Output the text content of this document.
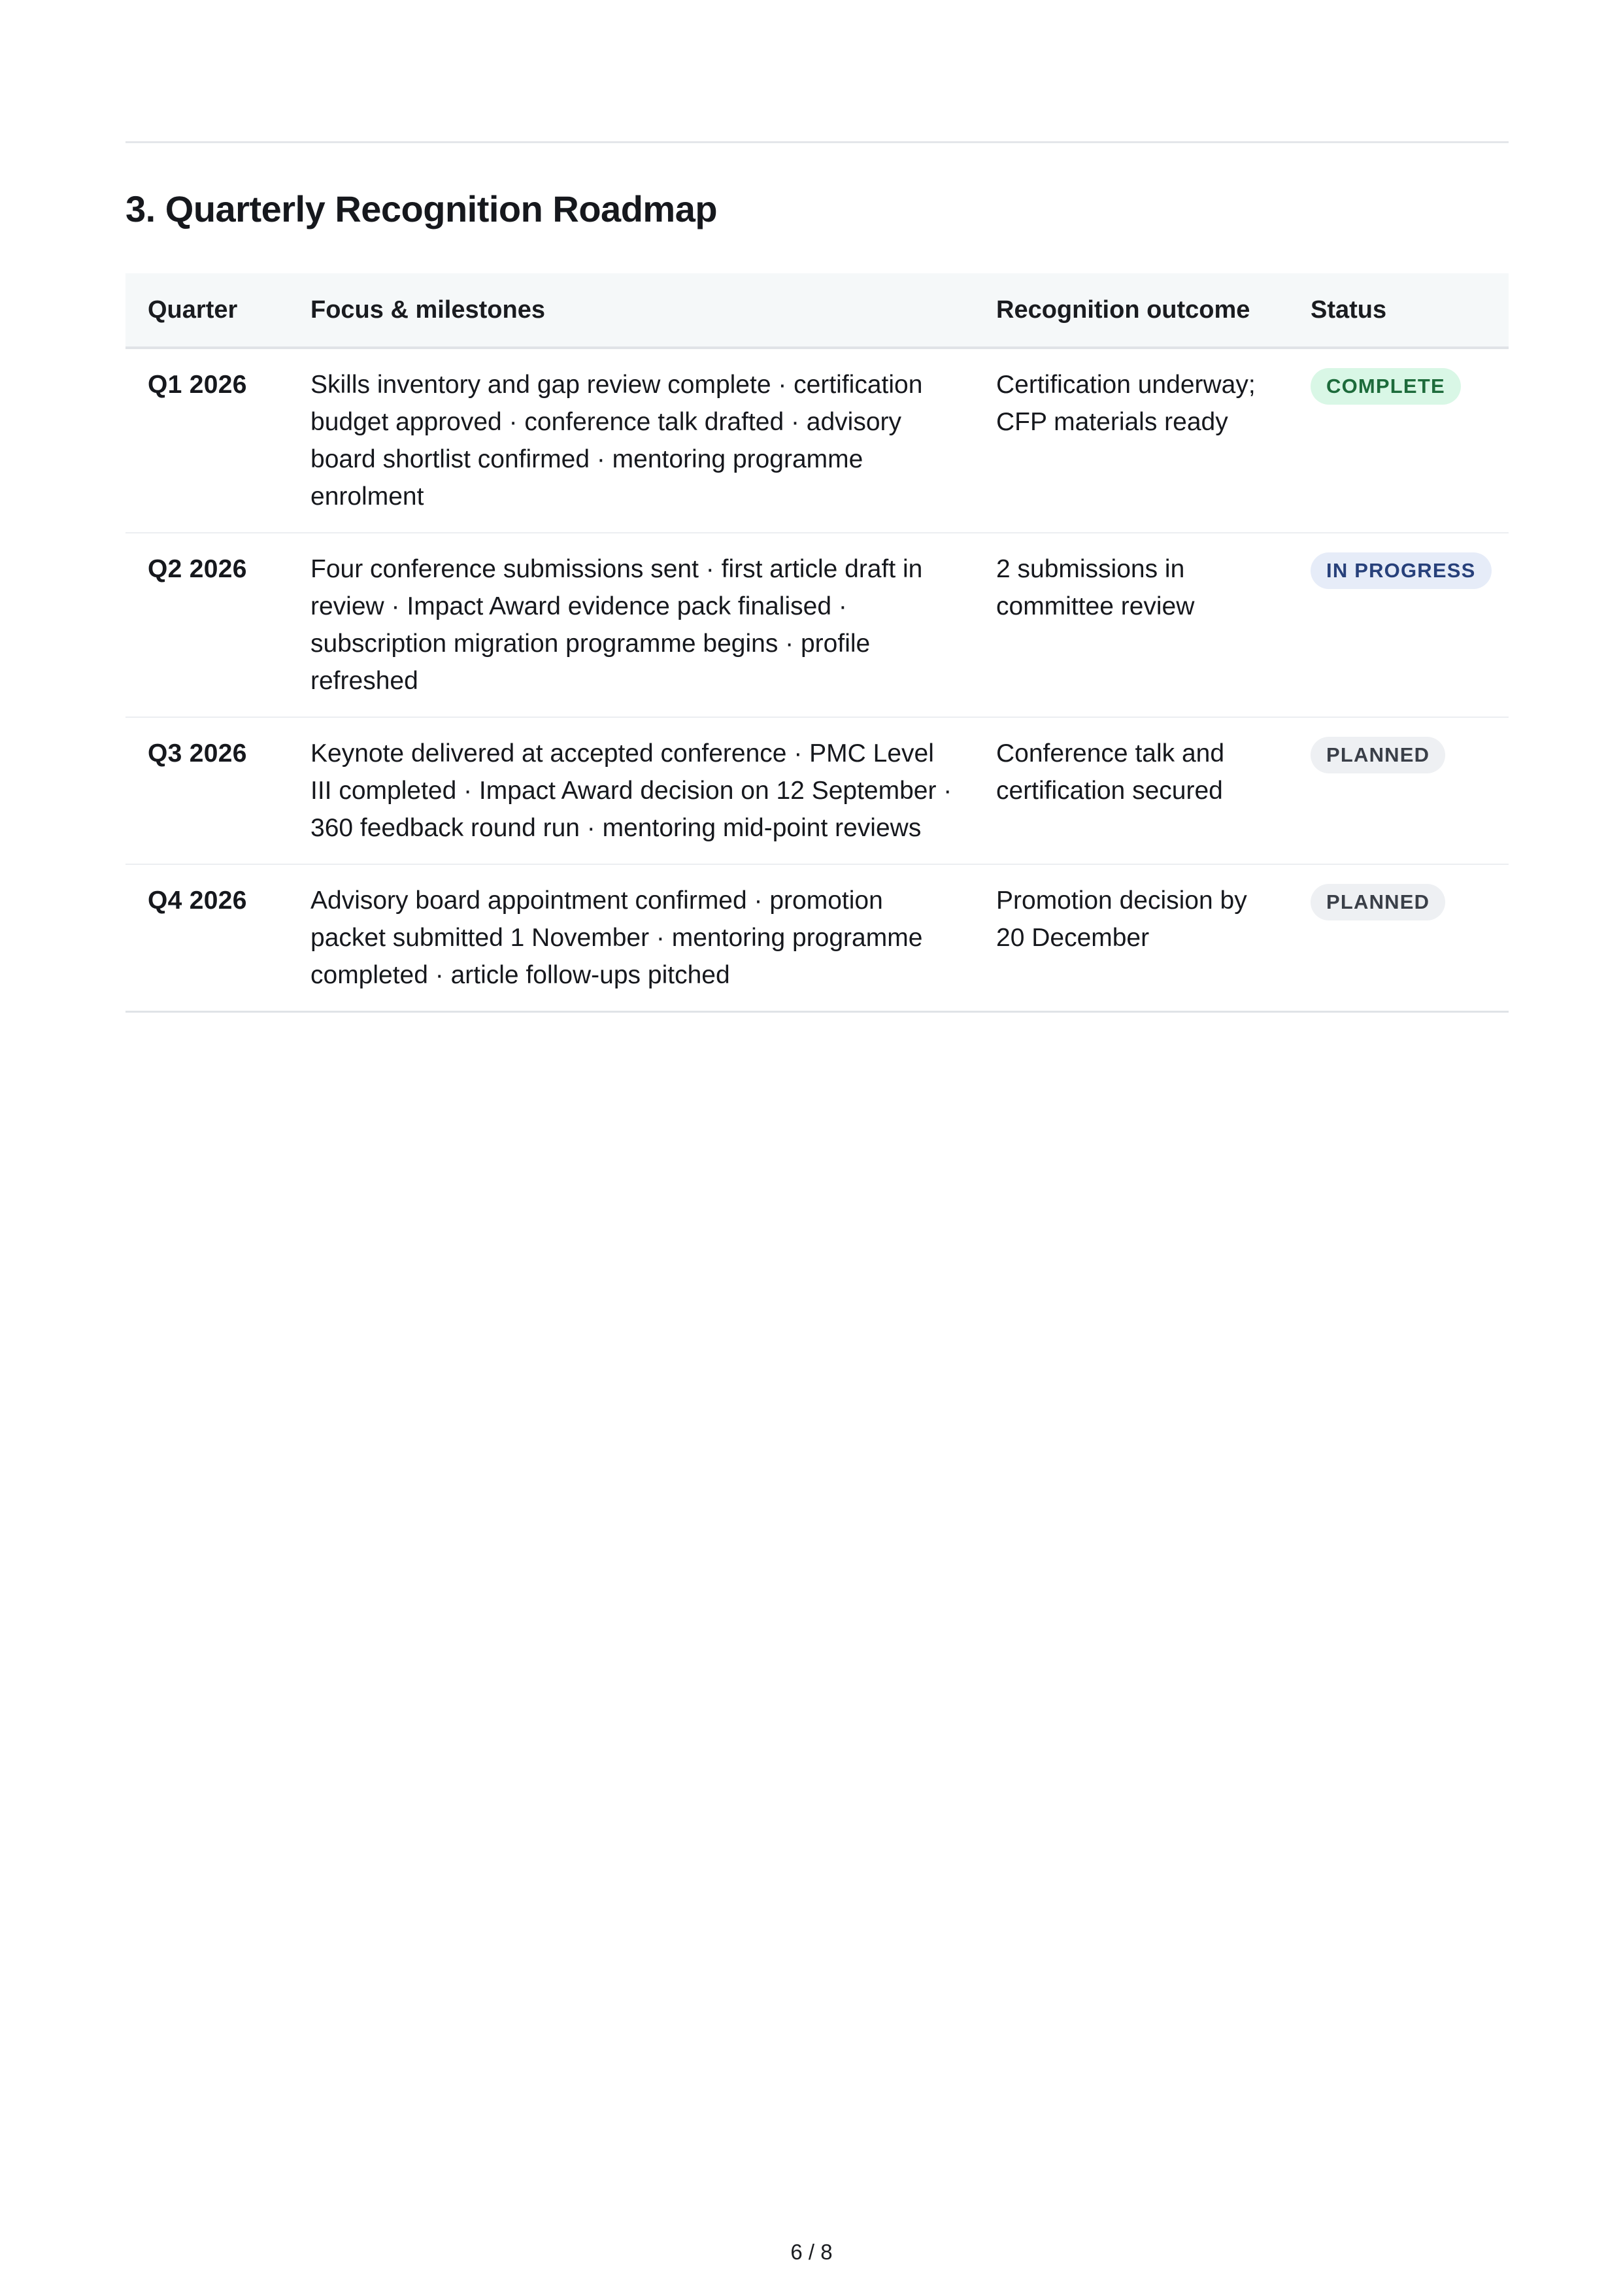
3. Quarterly Recognition Roadmap
Quarter	Focus & milestones	Recognition outcome	Status
Q1 2026	Skills inventory and gap review complete · certification budget approved · conference talk drafted · advisory board shortlist confirmed · mentoring programme enrolment	Certification underway; CFP materials ready	COMPLETE
Q2 2026	Four conference submissions sent · first article draft in review · Impact Award evidence pack finalised · subscription migration programme begins · profile refreshed	2 submissions in committee review	IN PROGRESS
Q3 2026	Keynote delivered at accepted conference · PMC Level III completed · Impact Award decision on 12 September · 360 feedback round run · mentoring mid-point reviews	Conference talk and certification secured	PLANNED
Q4 2026	Advisory board appointment confirmed · promotion packet submitted 1 November · mentoring programme completed · article follow-ups pitched	Promotion decision by 20 December	PLANNED
6 / 8
